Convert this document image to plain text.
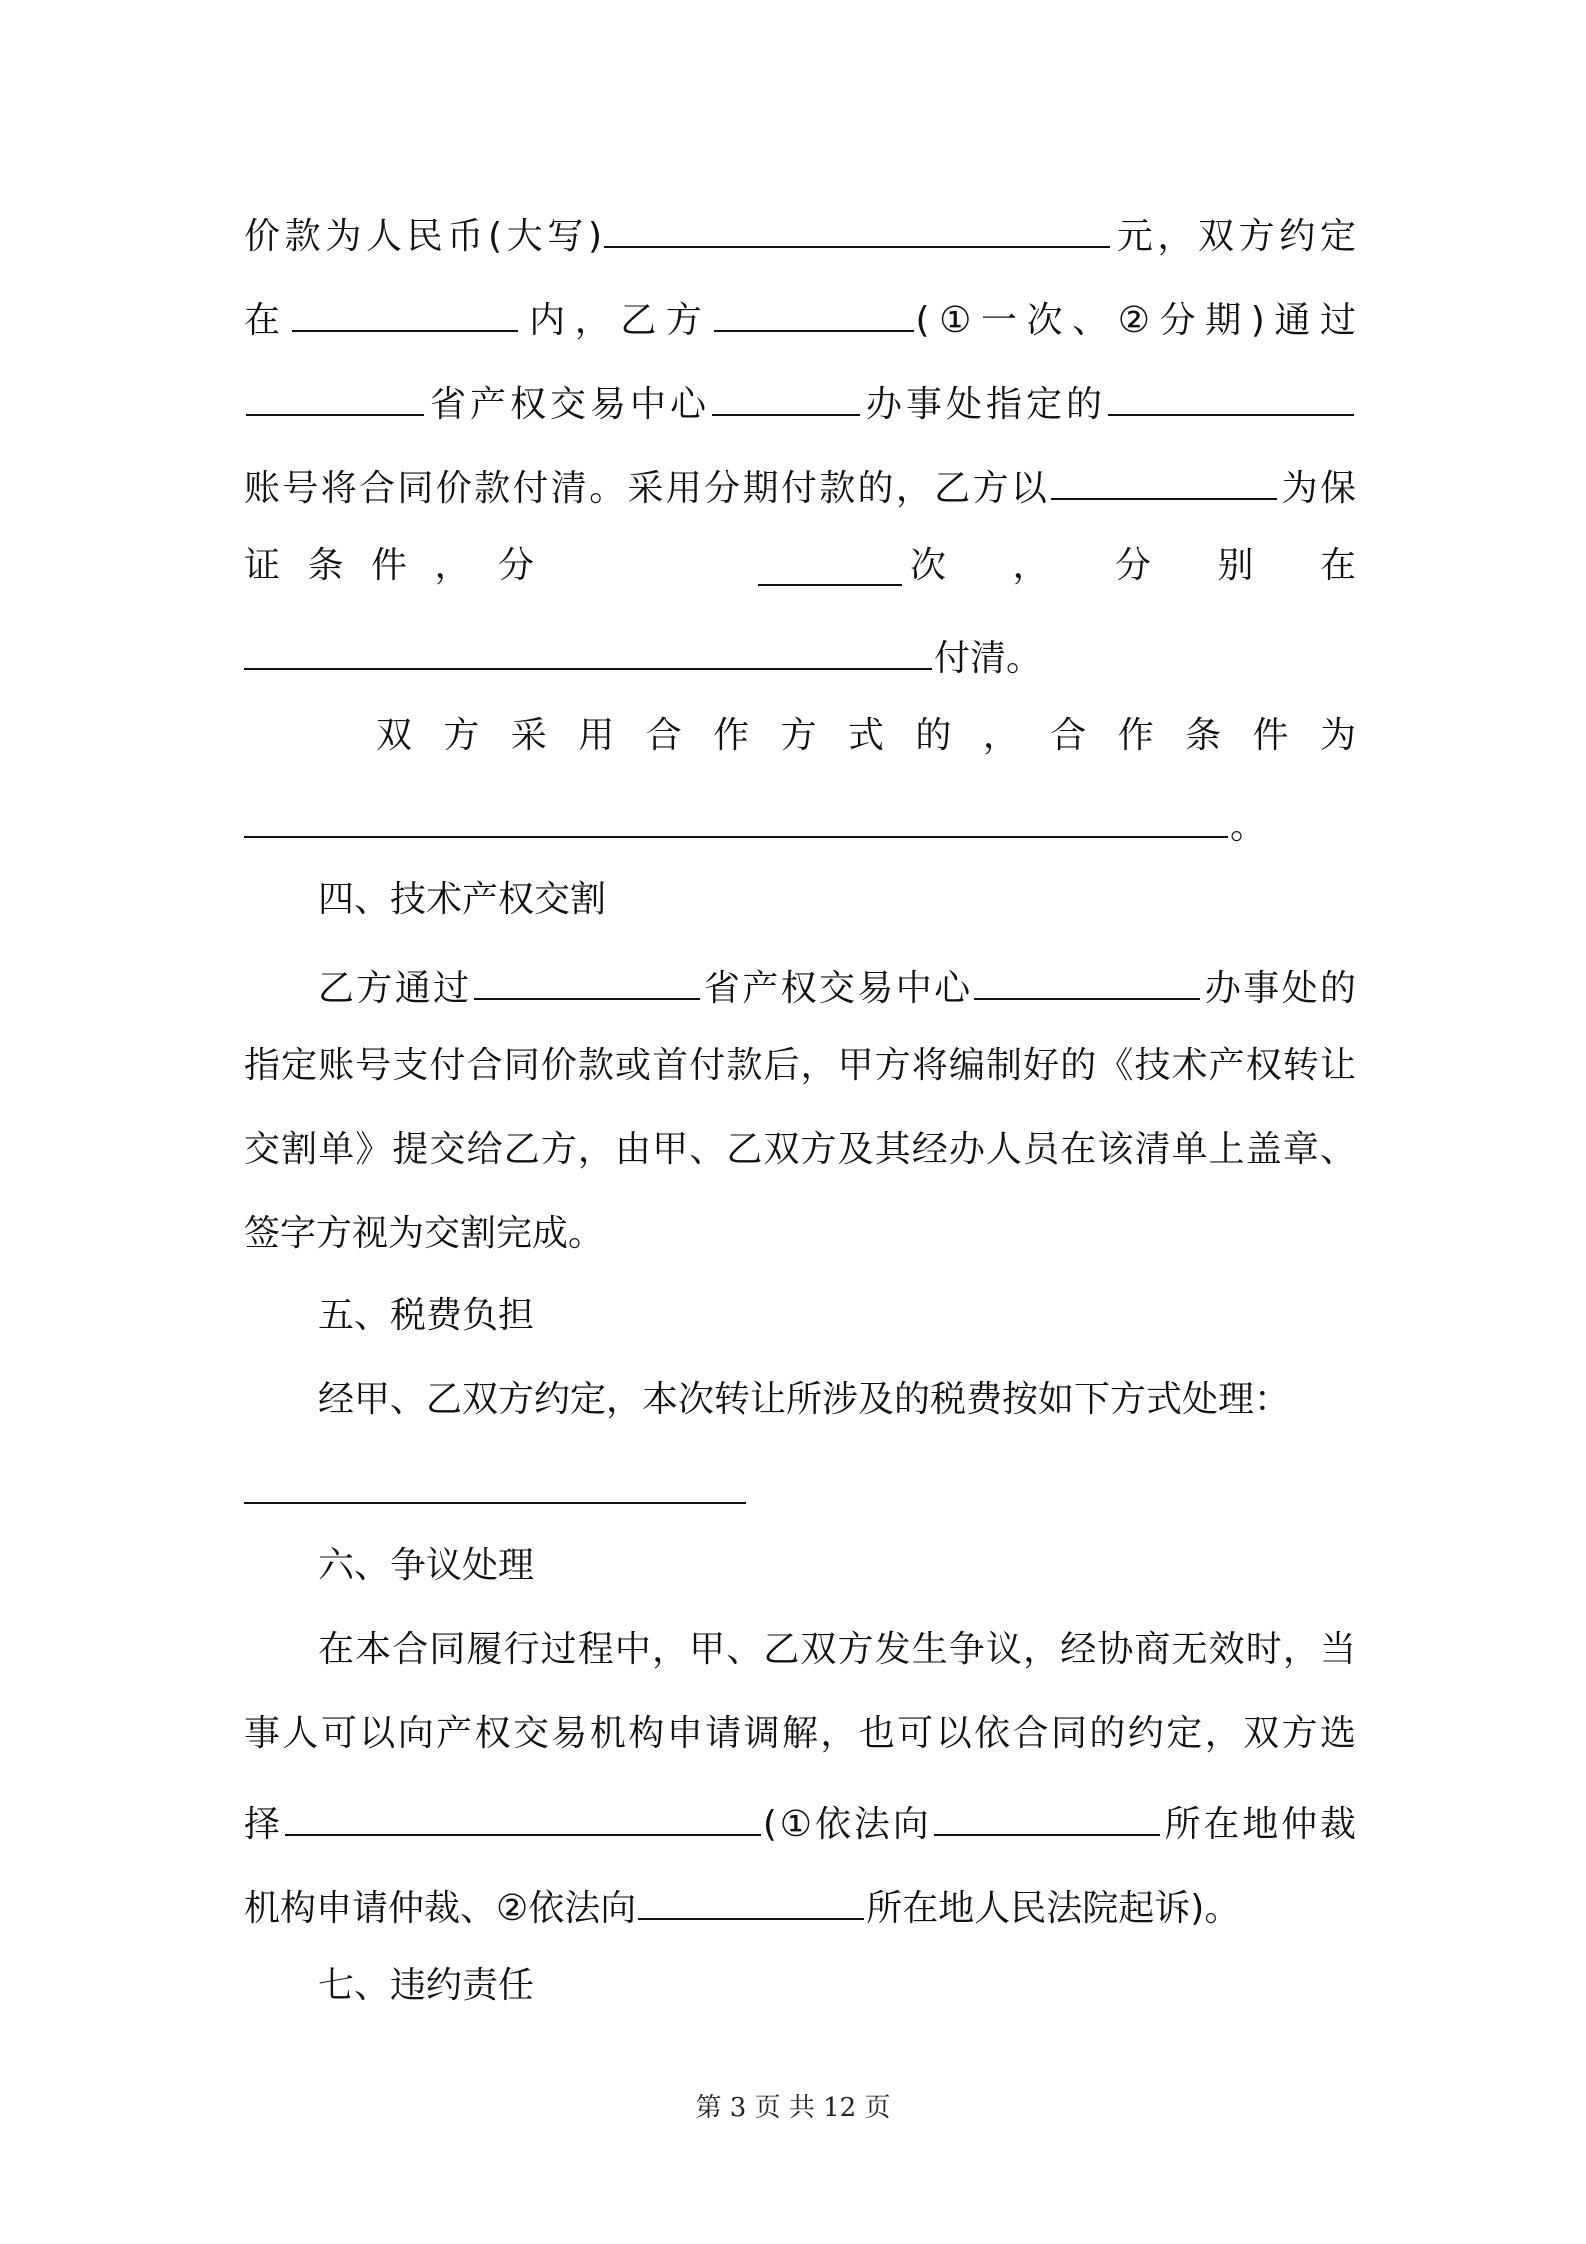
价款为人民币(大写)	元，双方约定
在	内，乙方	(①一次、②分期)通过
省产权交易中心	办事处指定的
账号将合同价款付清。采用分期付款的，乙方以	为保
证条件，分	次，分别在
付清。
双方采用合作方式的，合作条件为
。
四、技术产权交割
乙方通过	省产权交易中心	办事处的
指定账号支付合同价款或首付款后，甲方将编制好的《技术产权转让
交割单》提交给乙方，由甲、乙双方及其经办人员在该清单上盖章、
签字方视为交割完成。
五、税费负担
经甲、乙双方约定，本次转让所涉及的税费按如下方式处理：
六、争议处理
在本合同履行过程中，甲、乙双方发生争议，经协商无效时，当
事人可以向产权交易机构申请调解，也可以依合同的约定，双方选
择	(①依法向	所在地仲裁
机构申请仲裁、②依法向	所在地人民法院起诉)。
七、违约责任
第 3 页 共 12 页
